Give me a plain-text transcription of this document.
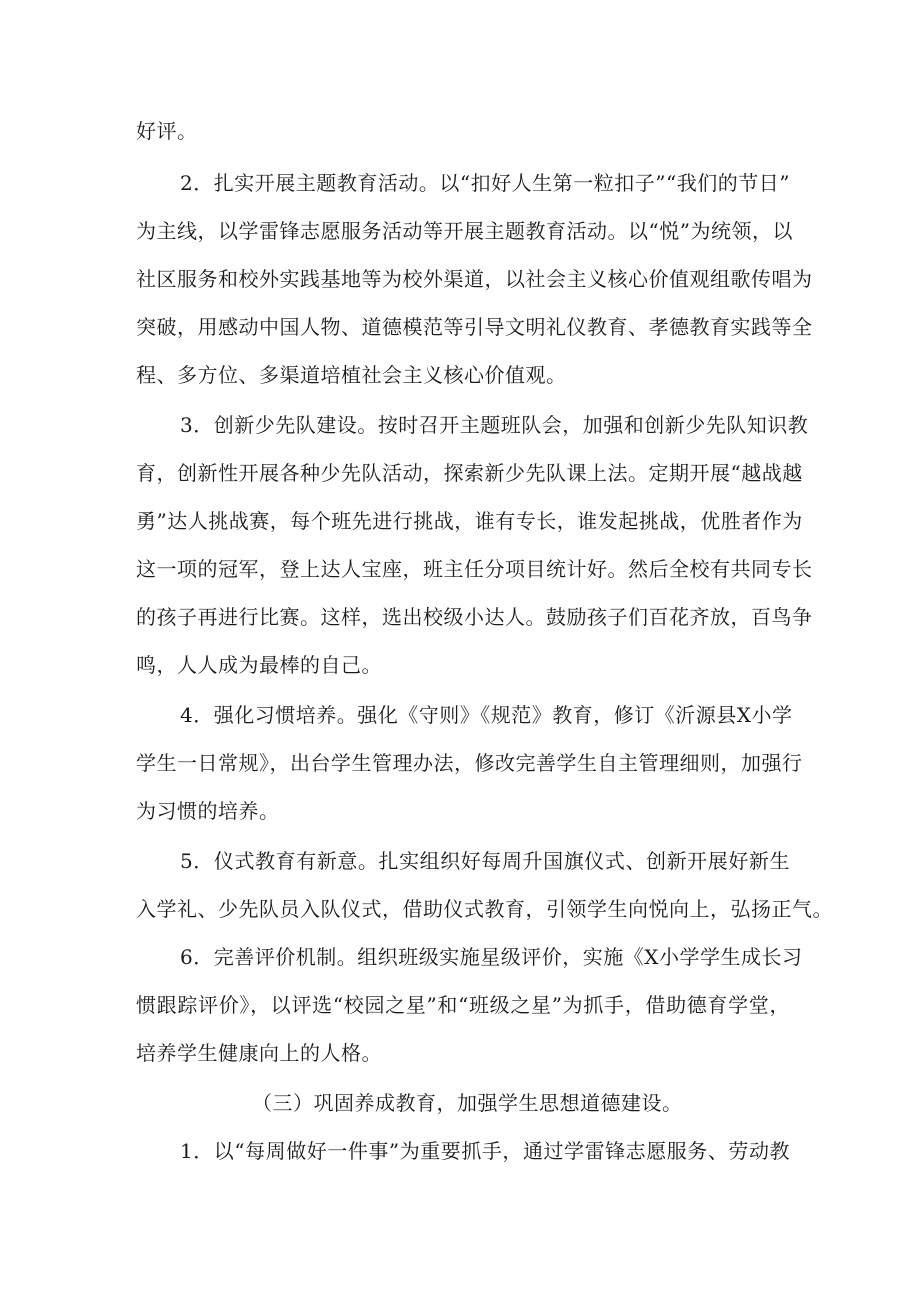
好评。
2．扎实开展主题教育活动。以“扣好人生第一粒扣子”“我们的节日”
为主线，以学雷锋志愿服务活动等开展主题教育活动。以“悦”为统领，以
社区服务和校外实践基地等为校外渠道，以社会主义核心价值观组歌传唱为
突破，用感动中国人物、道德模范等引导文明礼仪教育、孝德教育实践等全
程、多方位、多渠道培植社会主义核心价值观。
3．创新少先队建设。按时召开主题班队会，加强和创新少先队知识教
育，创新性开展各种少先队活动，探索新少先队课上法。定期开展“越战越
勇”达人挑战赛，每个班先进行挑战，谁有专长，谁发起挑战，优胜者作为
这一项的冠军，登上达人宝座，班主任分项目统计好。然后全校有共同专长
的孩子再进行比赛。这样，选出校级小达人。鼓励孩子们百花齐放，百鸟争
鸣，人人成为最棒的自己。
4．强化习惯培养。强化《守则》《规范》教育，修订《沂源县X小学
学生一日常规》，出台学生管理办法，修改完善学生自主管理细则，加强行
为习惯的培养。
5．仪式教育有新意。扎实组织好每周升国旗仪式、创新开展好新生
入学礼、少先队员入队仪式，借助仪式教育，引领学生向悦向上，弘扬正气。
6．完善评价机制。组织班级实施星级评价，实施《X小学学生成长习
惯跟踪评价》，以评选“校园之星”和“班级之星”为抓手，借助德育学堂，
培养学生健康向上的人格。
（三）巩固养成教育，加强学生思想道德建设。
1．以“每周做好一件事”为重要抓手，通过学雷锋志愿服务、劳动教
